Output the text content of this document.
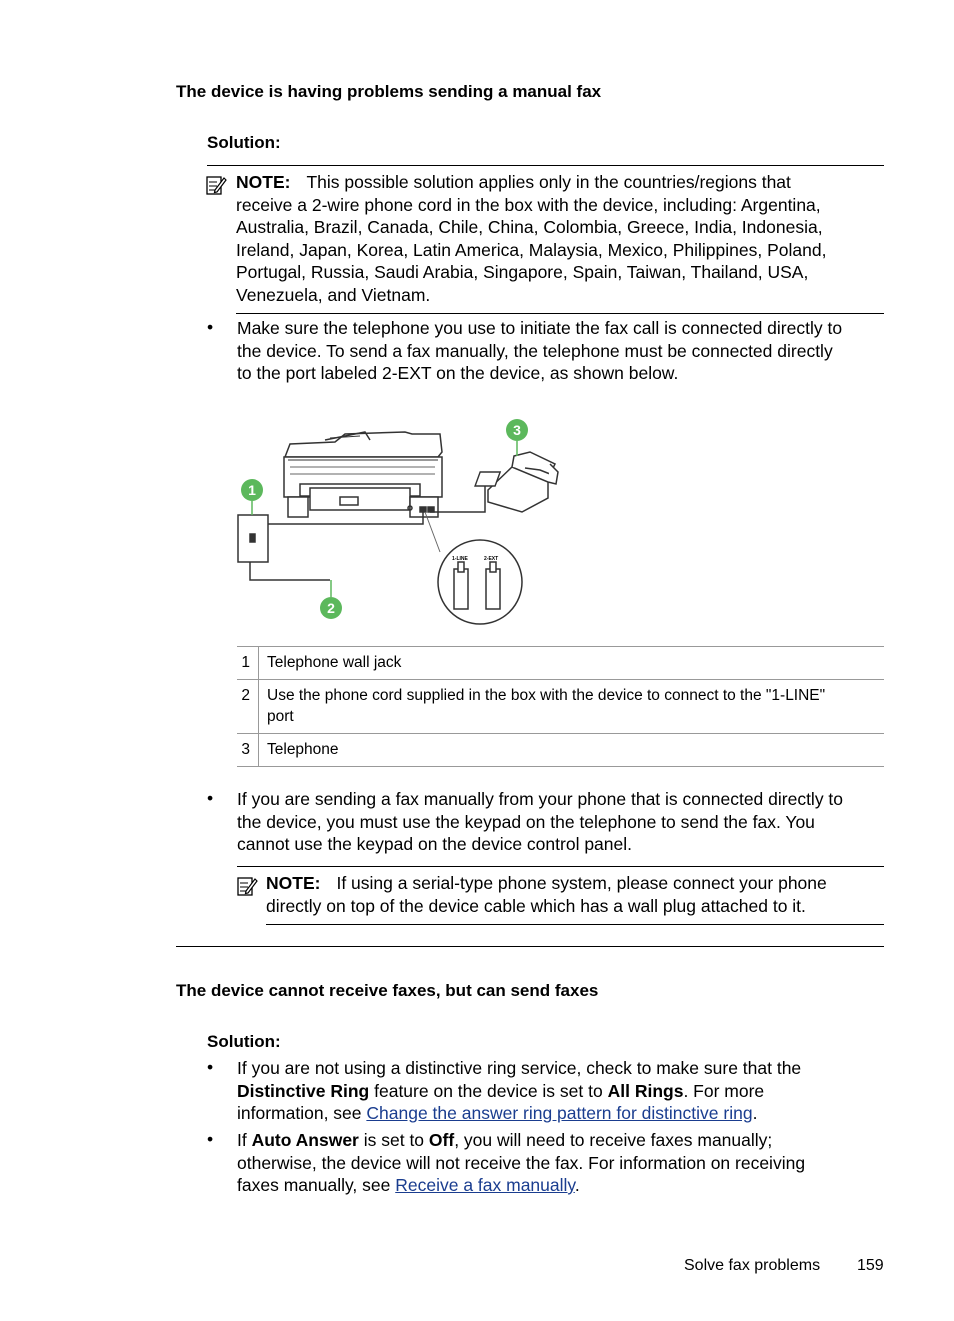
The device is having problems sending a manual fax
Solution:
NOTE: This possible solution applies only in the countries/regions that
receive a 2-wire phone cord in the box with the device, including: Argentina,
Australia, Brazil, Canada, Chile, China, Colombia, Greece, India, Indonesia,
Ireland, Japan, Korea, Latin America, Malaysia, Mexico, Philippines, Poland,
Portugal, Russia, Saudi Arabia, Singapore, Spain, Taiwan, Thailand, USA,
Venezuela, and Vietnam.
• Make sure the telephone you use to initiate the fax call is connected directly to
the device. To send a fax manually, the telephone must be connected directly
to the port labeled 2-EXT on the device, as shown below.
1-LINE	2-EXT
1
2
3
1	Telephone wall jack
2	Use the phone cord supplied in the box with the device to connect to the "1-LINE"
port

3	Telephone
• If you are sending a fax manually from your phone that is connected directly to
the device, you must use the keypad on the telephone to send the fax. You
cannot use the keypad on the device control panel.
NOTE: If using a serial-type phone system, please connect your phone
directly on top of the device cable which has a wall plug attached to it.
The device cannot receive faxes, but can send faxes
Solution:
• If you are not using a distinctive ring service, check to make sure that the
Distinctive Ring feature on the device is set to All Rings. For more
information, see Change the answer ring pattern for distinctive ring.
• If Auto Answer is set to Off, you will need to receive faxes manually;
otherwise, the device will not receive the fax. For information on receiving
faxes manually, see Receive a fax manually.
Solve fax problems 159
